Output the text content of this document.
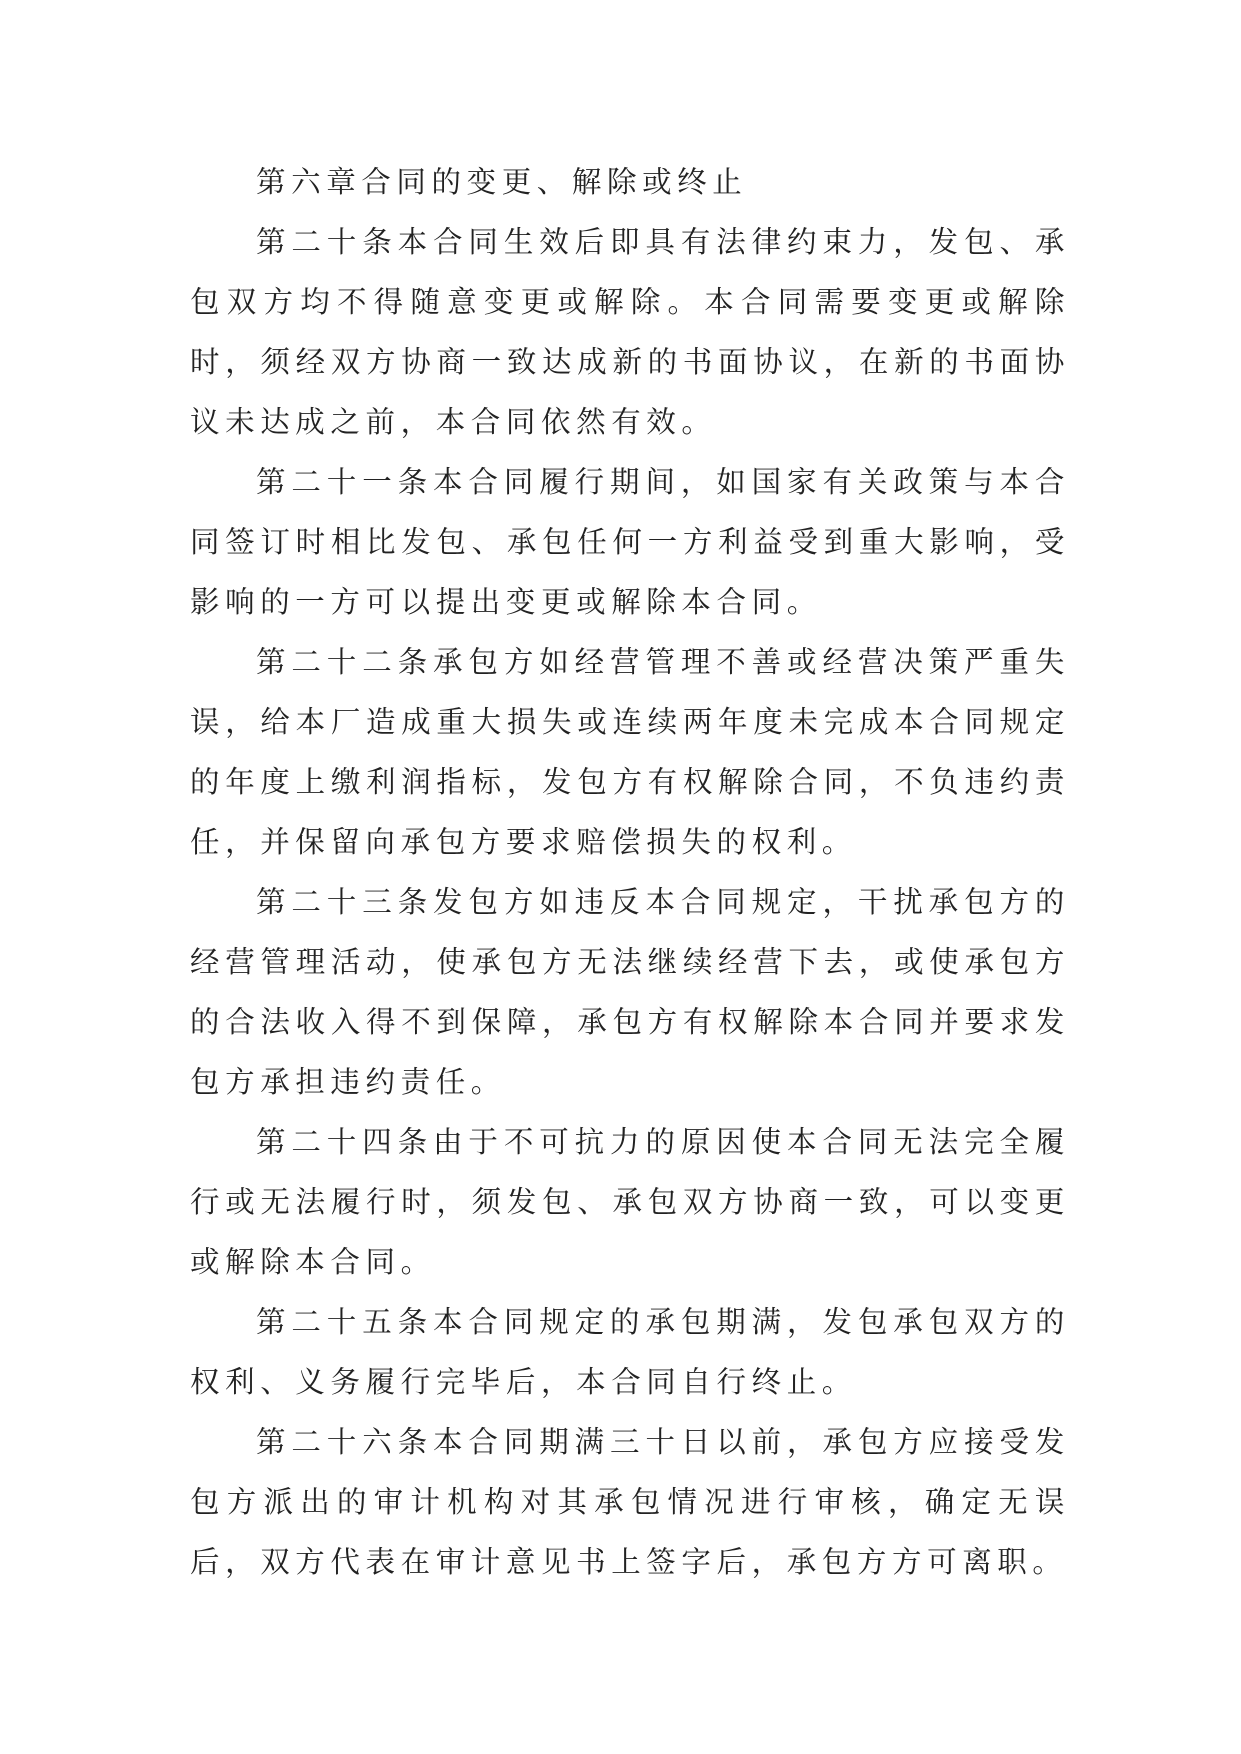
第六章合同的变更、解除或终止

第二十条本合同生效后即具有法律约束力，发包、承包双方均不得随意变更或解除。本合同需要变更或解除时，须经双方协商一致达成新的书面协议，在新的书面协议未达成之前，本合同依然有效。

第二十一条本合同履行期间，如国家有关政策与本合同签订时相比发包、承包任何一方利益受到重大影响，受影响的一方可以提出变更或解除本合同。

第二十二条承包方如经营管理不善或经营决策严重失误，给本厂造成重大损失或连续两年度未完成本合同规定的年度上缴利润指标，发包方有权解除合同，不负违约责任，并保留向承包方要求赔偿损失的权利。

第二十三条发包方如违反本合同规定，干扰承包方的经营管理活动，使承包方无法继续经营下去，或使承包方的合法收入得不到保障，承包方有权解除本合同并要求发包方承担违约责任。

第二十四条由于不可抗力的原因使本合同无法完全履行或无法履行时，须发包、承包双方协商一致，可以变更或解除本合同。

第二十五条本合同规定的承包期满，发包承包双方的权利、义务履行完毕后，本合同自行终止。

第二十六条本合同期满三十日以前，承包方应接受发包方派出的审计机构对其承包情况进行审核，确定无误后，双方代表在审计意见书上签字后，承包方方可离职。
